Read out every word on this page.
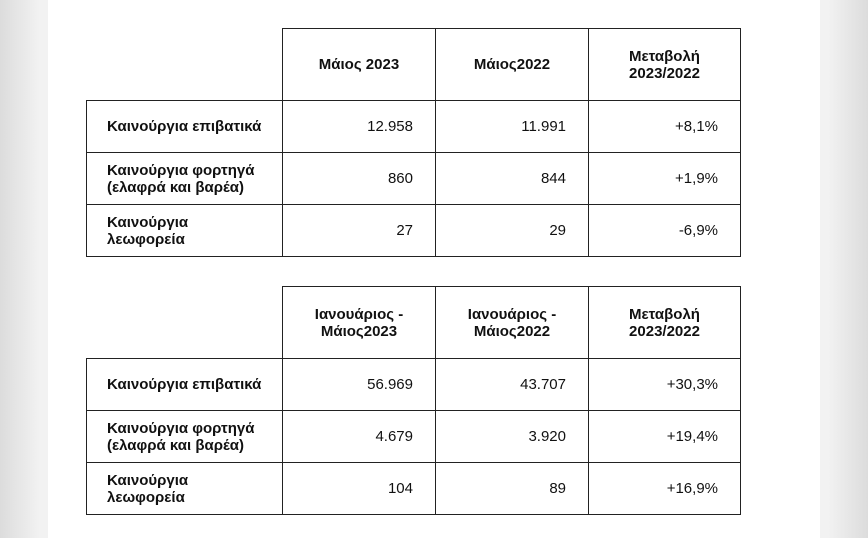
	Μάιος 2023	Μάιος2022	Μεταβολή 2023/2022
Καινούργια επιβατικά	12.958	11.991	+8,1%
Καινούργια φορτηγά (ελαφρά και βαρέα)	860	844	+1,9%
Καινούργια λεωφορεία	27	29	-6,9%
	Ιανουάριος - Μάιος2023	Ιανουάριος - Μάιος2022	Μεταβολή 2023/2022
Καινούργια επιβατικά	56.969	43.707	+30,3%
Καινούργια φορτηγά (ελαφρά και βαρέα)	4.679	3.920	+19,4%
Καινούργια λεωφορεία	104	89	+16,9%
